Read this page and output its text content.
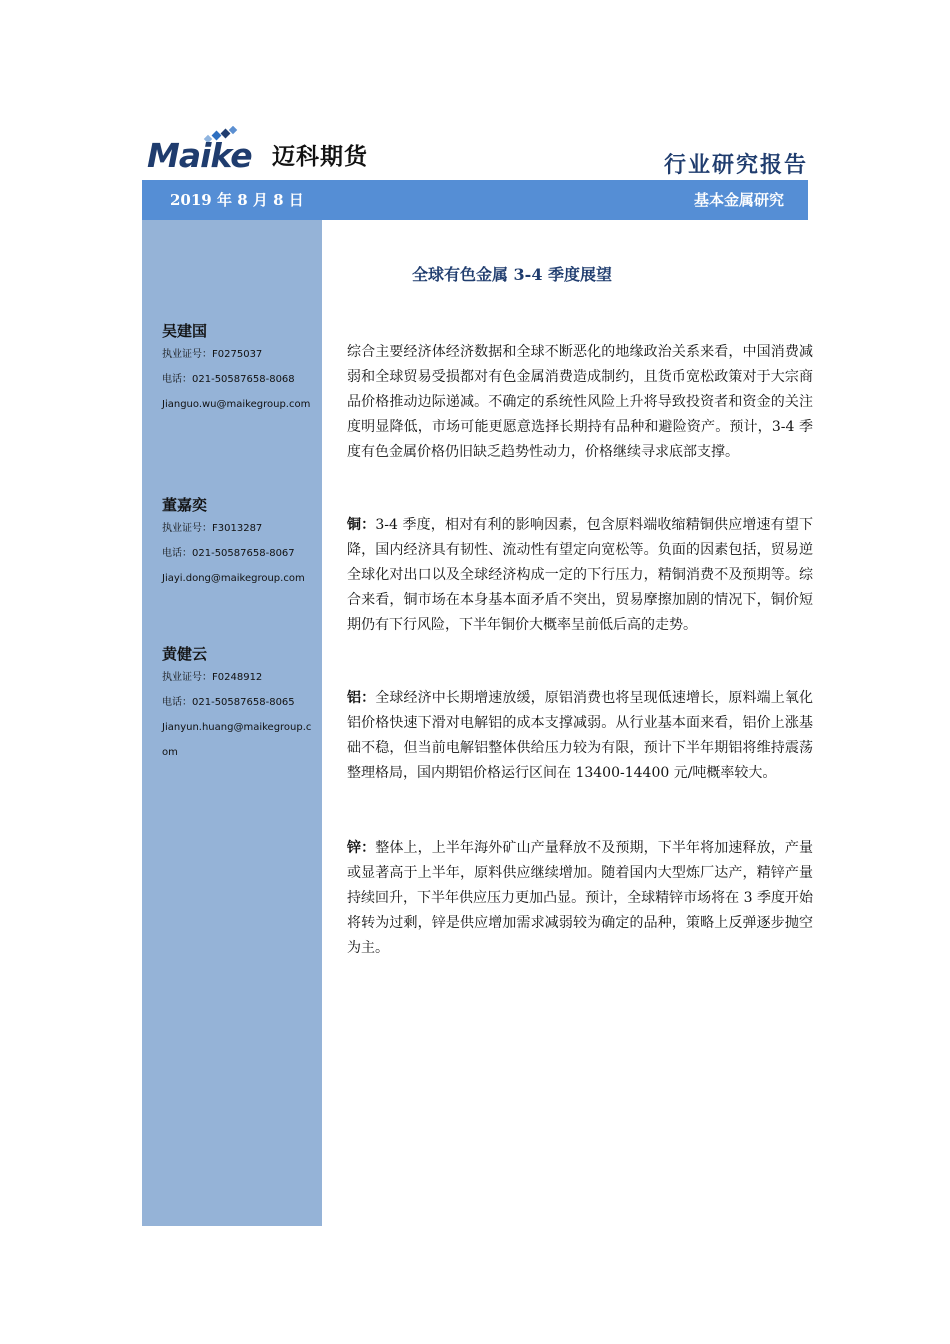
Maike 迈科期货	行业研究报告
2019 年 8 月 8 日	基本金属研究
吴建国
执业证号：F0275037
电话：021-50587658-8068
Jianguo.wu@maikegroup.com
董嘉奕
执业证号：F3013287
电话：021-50587658-8067
Jiayi.dong@maikegroup.com
黄健云
执业证号：F0248912
电话：021-50587658-8065
Jianyun.huang@maikegroup.com
全球有色金属 3-4 季度展望

综合主要经济体经济数据和全球不断恶化的地缘政治关系来看，中国消费减弱和全球贸易受损都对有色金属消费造成制约，且货币宽松政策对于大宗商品价格推动边际递减。不确定的系统性风险上升将导致投资者和资金的关注度明显降低，市场可能更愿意选择长期持有品种和避险资产。预计，3-4 季度有色金属价格仍旧缺乏趋势性动力，价格继续寻求底部支撑。

铜：3-4 季度，相对有利的影响因素，包含原料端收缩精铜供应增速有望下降，国内经济具有韧性、流动性有望定向宽松等。负面的因素包括，贸易逆全球化对出口以及全球经济构成一定的下行压力，精铜消费不及预期等。综合来看，铜市场在本身基本面矛盾不突出，贸易摩擦加剧的情况下，铜价短期仍有下行风险，下半年铜价大概率呈前低后高的走势。

铝：全球经济中长期增速放缓，原铝消费也将呈现低速增长，原料端上氧化铝价格快速下滑对电解铝的成本支撑减弱。从行业基本面来看，铝价上涨基础不稳，但当前电解铝整体供给压力较为有限，预计下半年期铝将维持震荡整理格局，国内期铝价格运行区间在 13400-14400 元/吨概率较大。

锌：整体上，上半年海外矿山产量释放不及预期，下半年将加速释放，产量或显著高于上半年，原料供应继续增加。随着国内大型炼厂达产，精锌产量持续回升，下半年供应压力更加凸显。预计，全球精锌市场将在 3 季度开始将转为过剩，锌是供应增加需求减弱较为确定的品种，策略上反弹逐步抛空为主。
